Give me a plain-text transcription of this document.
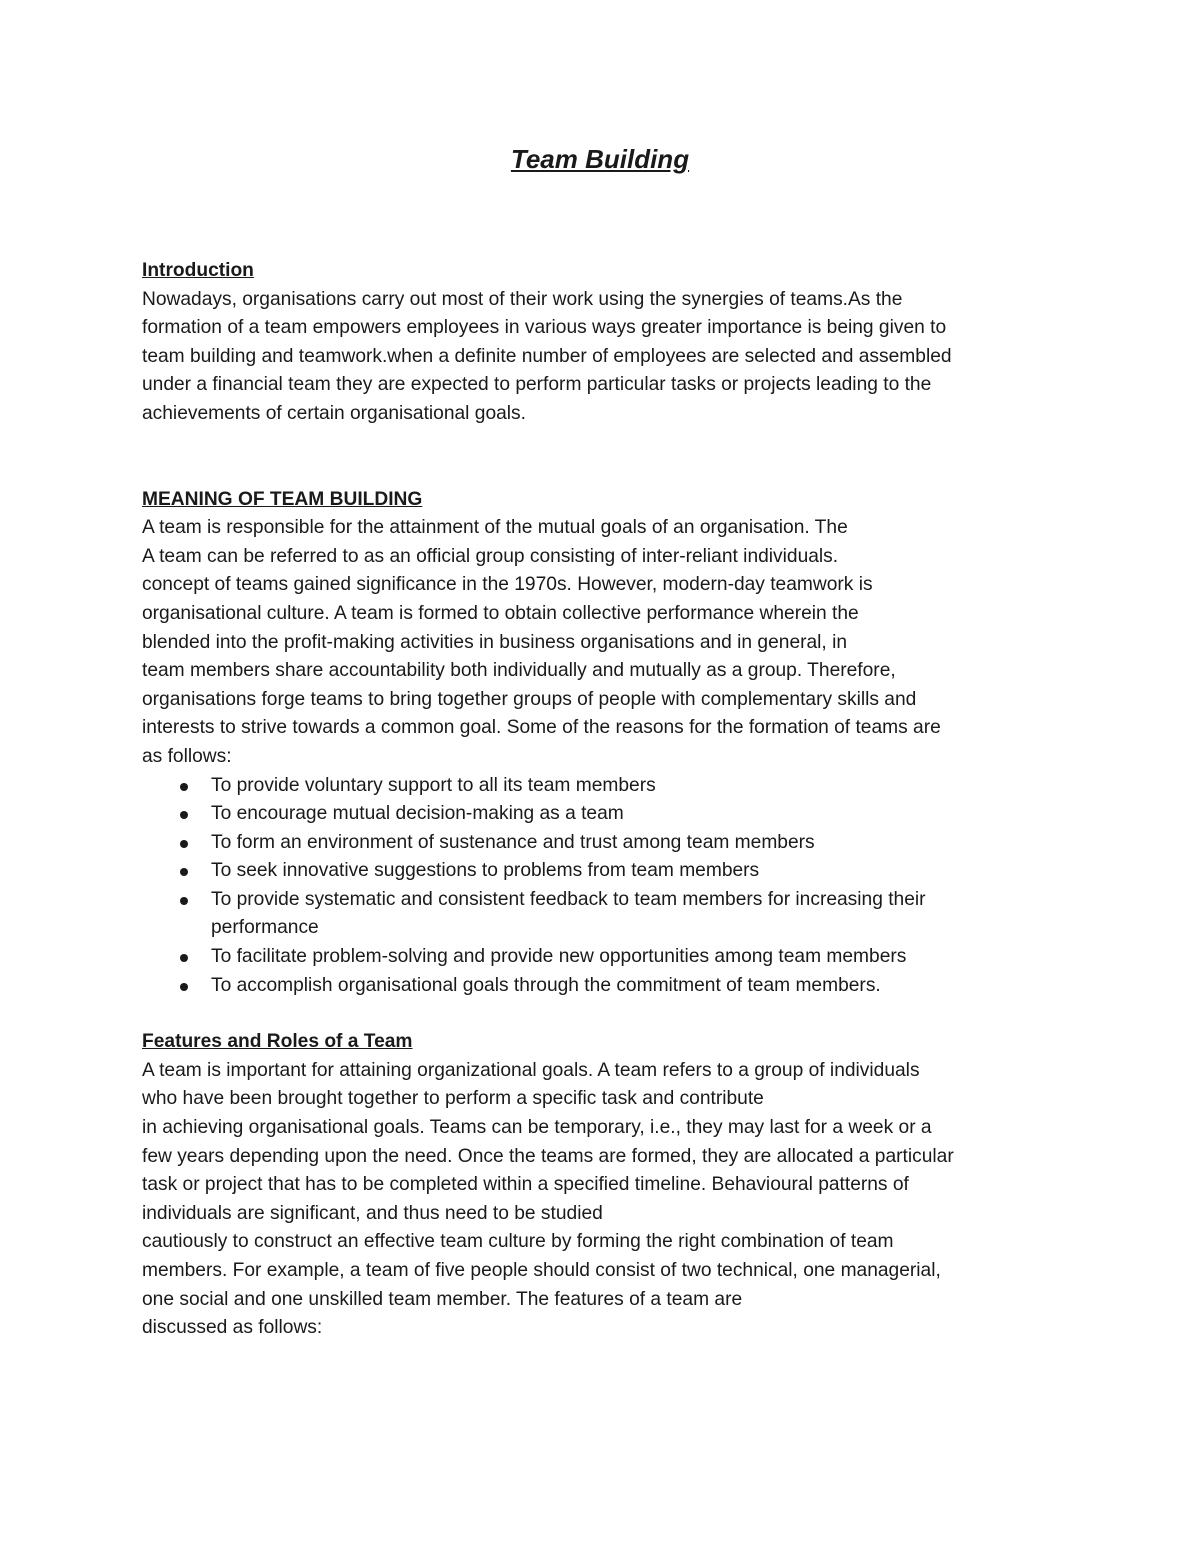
Team Building
Introduction
Nowadays, organisations carry out most of their work using the synergies of teams.As the
formation of a team empowers employees in various ways greater importance is being given to
team building and teamwork.when a definite number of employees are selected and assembled
under a financial team they are expected to perform particular tasks or projects leading to the
achievements of certain organisational goals.
MEANING OF TEAM BUILDING
A team is responsible for the attainment of the mutual goals of an organisation. The
A team can be referred to as an official group consisting of inter-reliant individuals.
concept of teams gained significance in the 1970s. However, modern-day teamwork is
organisational culture. A team is formed to obtain collective performance wherein the
blended into the profit-making activities in business organisations and in general, in
team members share accountability both individually and mutually as a group. Therefore,
organisations forge teams to bring together groups of people with complementary skills and
interests to strive towards a common goal. Some of the reasons for the formation of teams are
as follows:
To provide voluntary support to all its team members
To encourage mutual decision-making as a team
To form an environment of sustenance and trust among team members
To seek innovative suggestions to problems from team members
To provide systematic and consistent feedback to team members for increasing their
performance
To facilitate problem-solving and provide new opportunities among team members
To accomplish organisational goals through the commitment of team members.
Features and Roles of a Team
A team is important for attaining organizational goals. A team refers to a group of individuals
who have been brought together to perform a specific task and contribute
in achieving organisational goals. Teams can be temporary, i.e., they may last for a week or a
few years depending upon the need. Once the teams are formed, they are allocated a particular
task or project that has to be completed within a specified timeline. Behavioural patterns of
individuals are significant, and thus need to be studied
cautiously to construct an effective team culture by forming the right combination of team
members. For example, a team of five people should consist of two technical, one managerial,
one social and one unskilled team member. The features of a team are
discussed as follows:
